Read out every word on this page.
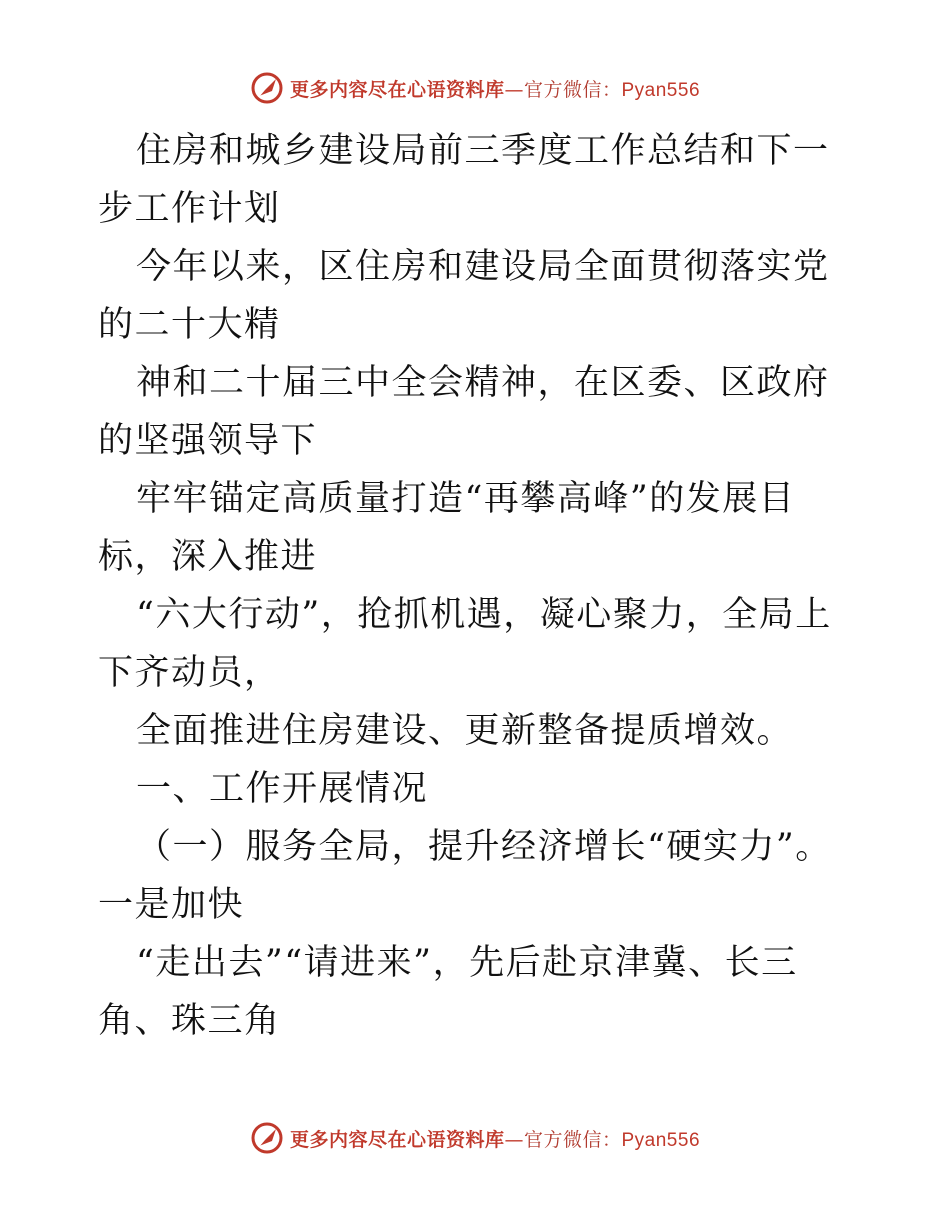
更多内容尽在心语资料库—官方微信：Pyan556

住房和城乡建设局前三季度工作总结和下一步工作计划

今年以来，区住房和建设局全面贯彻落实党的二十大精

神和二十届三中全会精神，在区委、区政府的坚强领导下

牢牢锚定高质量打造“再攀高峰”的发展目标，深入推进

“六大行动”，抢抓机遇，凝心聚力，全局上下齐动员，

全面推进住房建设、更新整备提质增效。

一、工作开展情况

（一）服务全局，提升经济增长“硬实力”。一是加快

“走出去”“请进来”，先后赴京津冀、长三角、珠三角

更多内容尽在心语资料库—官方微信：Pyan556
